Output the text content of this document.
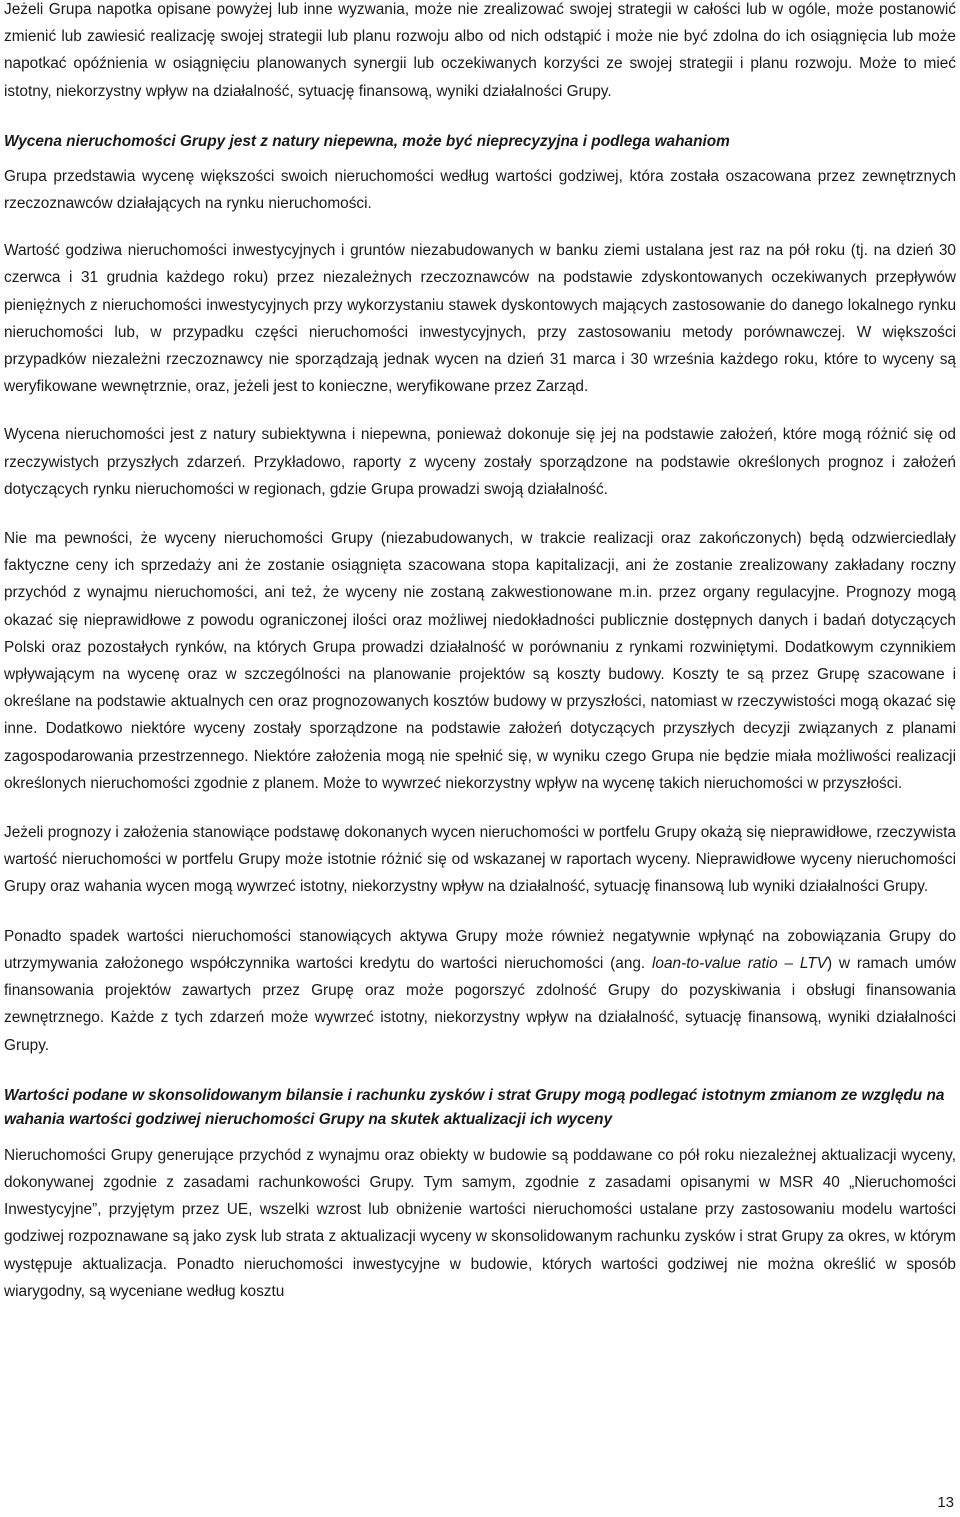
Jeżeli Grupa napotka opisane powyżej lub inne wyzwania, może nie zrealizować swojej strategii w całości lub w ogóle, może postanowić zmienić lub zawiesić realizację swojej strategii lub planu rozwoju albo od nich odstąpić i może nie być zdolna do ich osiągnięcia lub może napotkać opóźnienia w osiągnięciu planowanych synergii lub oczekiwanych korzyści ze swojej strategii i planu rozwoju. Może to mieć istotny, niekorzystny wpływ na działalność, sytuację finansową, wyniki działalności Grupy.

Wycena nieruchomości Grupy jest z natury niepewna, może być nieprecyzyjna i podlega wahaniom

Grupa przedstawia wycenę większości swoich nieruchomości według wartości godziwej, która została oszacowana przez zewnętrznych rzeczoznawców działających na rynku nieruchomości.

Wartość godziwa nieruchomości inwestycyjnych i gruntów niezabudowanych w banku ziemi ustalana jest raz na pół roku (tj. na dzień 30 czerwca i 31 grudnia każdego roku) przez niezależnych rzeczoznawców na podstawie zdyskontowanych oczekiwanych przepływów pieniężnych z nieruchomości inwestycyjnych przy wykorzystaniu stawek dyskontowych mających zastosowanie do danego lokalnego rynku nieruchomości lub, w przypadku części nieruchomości inwestycyjnych, przy zastosowaniu metody porównawczej. W większości przypadków niezależni rzeczoznawcy nie sporządzają jednak wycen na dzień 31 marca i 30 września każdego roku, które to wyceny są weryfikowane wewnętrznie, oraz, jeżeli jest to konieczne, weryfikowane przez Zarząd.

Wycena nieruchomości jest z natury subiektywna i niepewna, ponieważ dokonuje się jej na podstawie założeń, które mogą różnić się od rzeczywistych przyszłych zdarzeń. Przykładowo, raporty z wyceny zostały sporządzone na podstawie określonych prognoz i założeń dotyczących rynku nieruchomości w regionach, gdzie Grupa prowadzi swoją działalność.

Nie ma pewności, że wyceny nieruchomości Grupy (niezabudowanych, w trakcie realizacji oraz zakończonych) będą odzwierciedlały faktyczne ceny ich sprzedaży ani że zostanie osiągnięta szacowana stopa kapitalizacji, ani że zostanie zrealizowany zakładany roczny przychód z wynajmu nieruchomości, ani też, że wyceny nie zostaną zakwestionowane m.in. przez organy regulacyjne. Prognozy mogą okazać się nieprawidłowe z powodu ograniczonej ilości oraz możliwej niedokładności publicznie dostępnych danych i badań dotyczących Polski oraz pozostałych rynków, na których Grupa prowadzi działalność w porównaniu z rynkami rozwiniętymi. Dodatkowym czynnikiem wpływającym na wycenę oraz w szczególności na planowanie projektów są koszty budowy. Koszty te są przez Grupę szacowane i określane na podstawie aktualnych cen oraz prognozowanych kosztów budowy w przyszłości, natomiast w rzeczywistości mogą okazać się inne. Dodatkowo niektóre wyceny zostały sporządzone na podstawie założeń dotyczących przyszłych decyzji związanych z planami zagospodarowania przestrzennego. Niektóre założenia mogą nie spełnić się, w wyniku czego Grupa nie będzie miała możliwości realizacji określonych nieruchomości zgodnie z planem. Może to wywrzeć niekorzystny wpływ na wycenę takich nieruchomości w przyszłości.

Jeżeli prognozy i założenia stanowiące podstawę dokonanych wycen nieruchomości w portfelu Grupy okażą się nieprawidłowe, rzeczywista wartość nieruchomości w portfelu Grupy może istotnie różnić się od wskazanej w raportach wyceny. Nieprawidłowe wyceny nieruchomości Grupy oraz wahania wycen mogą wywrzeć istotny, niekorzystny wpływ na działalność, sytuację finansową lub wyniki działalności Grupy.

Ponadto spadek wartości nieruchomości stanowiących aktywa Grupy może również negatywnie wpłynąć na zobowiązania Grupy do utrzymywania założonego współczynnika wartości kredytu do wartości nieruchomości (ang. loan-to-value ratio – LTV) w ramach umów finansowania projektów zawartych przez Grupę oraz może pogorszyć zdolność Grupy do pozyskiwania i obsługi finansowania zewnętrznego. Każde z tych zdarzeń może wywrzeć istotny, niekorzystny wpływ na działalność, sytuację finansową, wyniki działalności Grupy.

Wartości podane w skonsolidowanym bilansie i rachunku zysków i strat Grupy mogą podlegać istotnym zmianom ze względu na wahania wartości godziwej nieruchomości Grupy na skutek aktualizacji ich wyceny

Nieruchomości Grupy generujące przychód z wynajmu oraz obiekty w budowie są poddawane co pół roku niezależnej aktualizacji wyceny, dokonywanej zgodnie z zasadami rachunkowości Grupy. Tym samym, zgodnie z zasadami opisanymi w MSR 40 „Nieruchomości Inwestycyjne”, przyjętym przez UE, wszelki wzrost lub obniżenie wartości nieruchomości ustalane przy zastosowaniu modelu wartości godziwej rozpoznawane są jako zysk lub strata z aktualizacji wyceny w skonsolidowanym rachunku zysków i strat Grupy za okres, w którym występuje aktualizacja. Ponadto nieruchomości inwestycyjne w budowie, których wartości godziwej nie można określić w sposób wiarygodny, są wyceniane według kosztu

13
